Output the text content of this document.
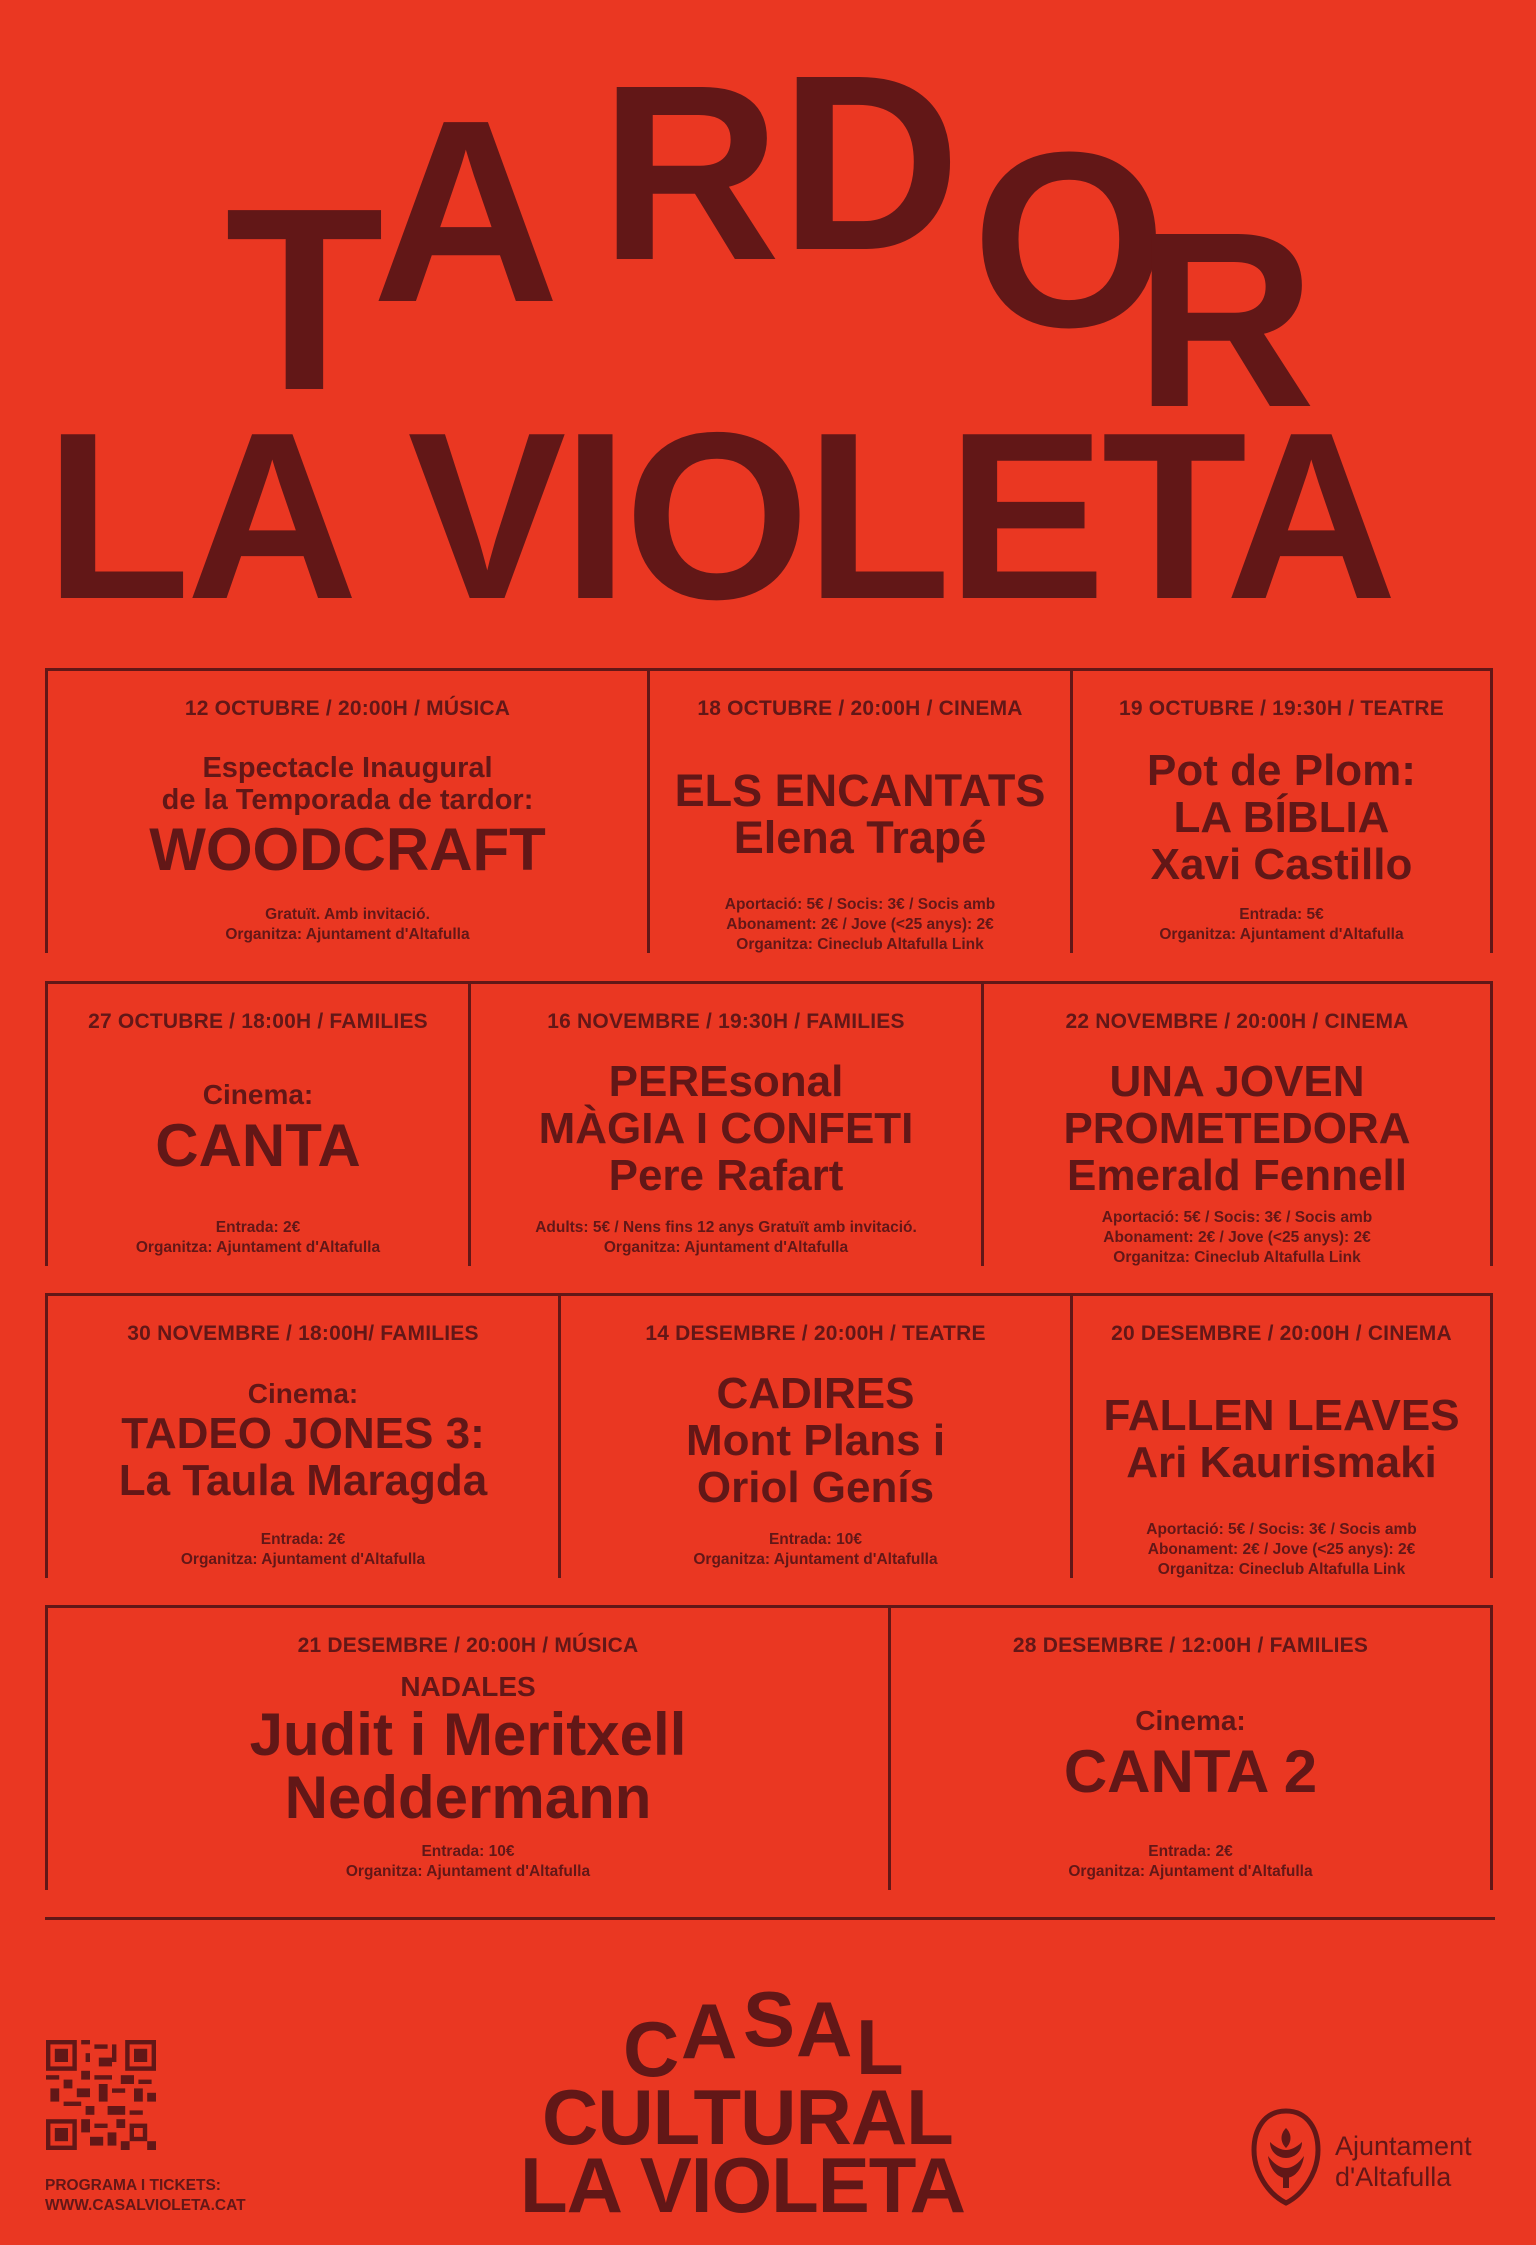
T
A R D O
R
LA VIOLETA
12 OCTUBRE / 20:00H / MÚSICA
Espectacle Inaugural
de la Temporada de tardor:
WOODCRAFT
Gratuït. Amb invitació.
Organitza: Ajuntament d'Altafulla
18 OCTUBRE / 20:00H / CINEMA
ELS ENCANTATS
Elena Trapé
Aportació: 5€ / Socis: 3€ / Socis amb
Abonament: 2€ / Jove (<25 anys): 2€
Organitza: Cineclub Altafulla Link
19 OCTUBRE / 19:30H / TEATRE
Pot de Plom:
LA BÍBLIA
Xavi Castillo
Entrada: 5€
Organitza: Ajuntament d'Altafulla
27 OCTUBRE / 18:00H / FAMILIES
Cinema:
CANTA
Entrada: 2€
Organitza: Ajuntament d'Altafulla
16 NOVEMBRE / 19:30H / FAMILIES
PEREsonal
MÀGIA I CONFETI
Pere Rafart
Adults: 5€ / Nens fins 12 anys Gratuït amb invitació.
Organitza: Ajuntament d'Altafulla
22 NOVEMBRE / 20:00H / CINEMA
UNA JOVEN
PROMETEDORA
Emerald Fennell
Aportació: 5€ / Socis: 3€ / Socis amb
Abonament: 2€ / Jove (<25 anys): 2€
Organitza: Cineclub Altafulla Link
30 NOVEMBRE / 18:00H/ FAMILIES
Cinema:
TADEO JONES 3:
La Taula Maragda
Entrada: 2€
Organitza: Ajuntament d'Altafulla
14 DESEMBRE / 20:00H / TEATRE
CADIRES
Mont Plans i
Oriol Genís
Entrada: 10€
Organitza: Ajuntament d'Altafulla
20 DESEMBRE / 20:00H / CINEMA
FALLEN LEAVES
Ari Kaurismaki
Aportació: 5€ / Socis: 3€ / Socis amb
Abonament: 2€ / Jove (<25 anys): 2€
Organitza: Cineclub Altafulla Link
21 DESEMBRE / 20:00H / MÚSICA
NADALES
Judit i Meritxell
Neddermann
Entrada: 10€
Organitza: Ajuntament d'Altafulla
28 DESEMBRE / 12:00H / FAMILIES
Cinema:
CANTA 2
Entrada: 2€
Organitza: Ajuntament d'Altafulla
PROGRAMA I TICKETS:
WWW.CASALVIOLETA.CAT
C A S A L
CULTURAL
LA VIOLETA	Ajuntament
d'Altafulla
